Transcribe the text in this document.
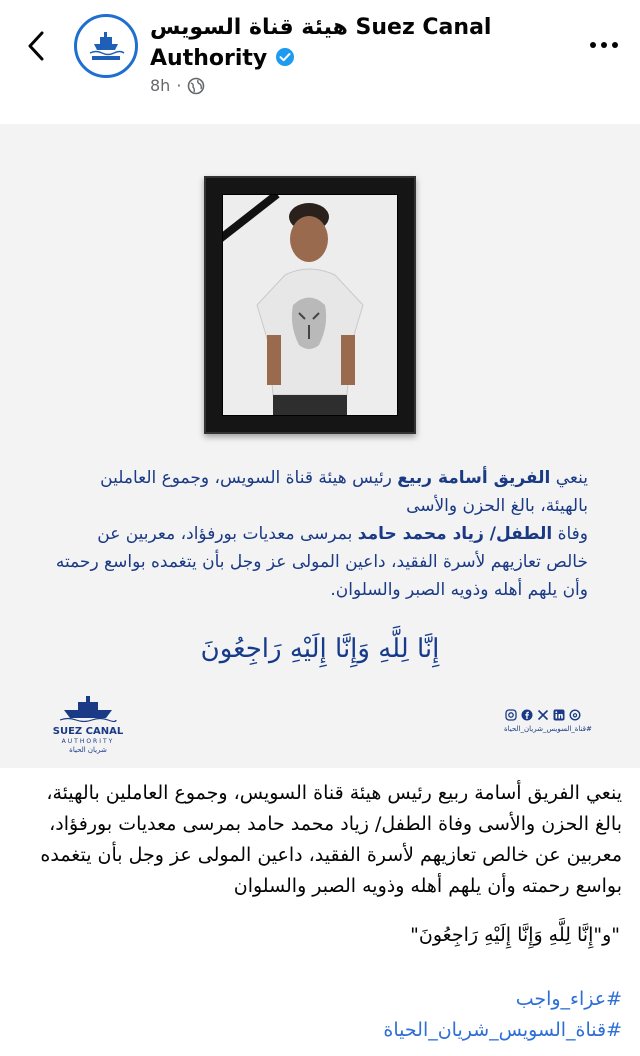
هيئة قناة السويس Suez Canal Authority
8h ·
ينعي الفريق أسامة ربيع رئيس هيئة قناة السويس، وجموع العاملين بالهيئة، بالغ الحزن والأسى
وفاة الطفل/ زياد محمد حامد بمرسى معديات بورفؤاد، معربين عن خالص تعازيهم لأسرة الفقيد، داعين المولى عز وجل بأن يتغمده بواسع رحمته وأن يلهم أهله وذويه الصبر والسلوان.
إِنَّا لِلَّهِ وَإِنَّا إِلَيْهِ رَاجِعُونَ
SUEZ CANAL
AUTHORITY
شريان الحياة
#قناة_السويس_شريان_الحياة
ينعي الفريق أسامة ربيع رئيس هيئة قناة السويس، وجموع العاملين بالهيئة، بالغ الحزن والأسى وفاة الطفل/ زياد محمد حامد بمرسى معديات بورفؤاد، معربين عن خالص تعازيهم لأسرة الفقيد، داعين المولى عز وجل بأن يتغمده بواسع رحمته وأن يلهم أهله وذويه الصبر والسلوان
"و"إِنَّا لِلَّهِ وَإِنَّا إِلَيْهِ رَاجِعُونَ"
#عزاء_واجب
#قناة_السويس_شريان_الحياة
